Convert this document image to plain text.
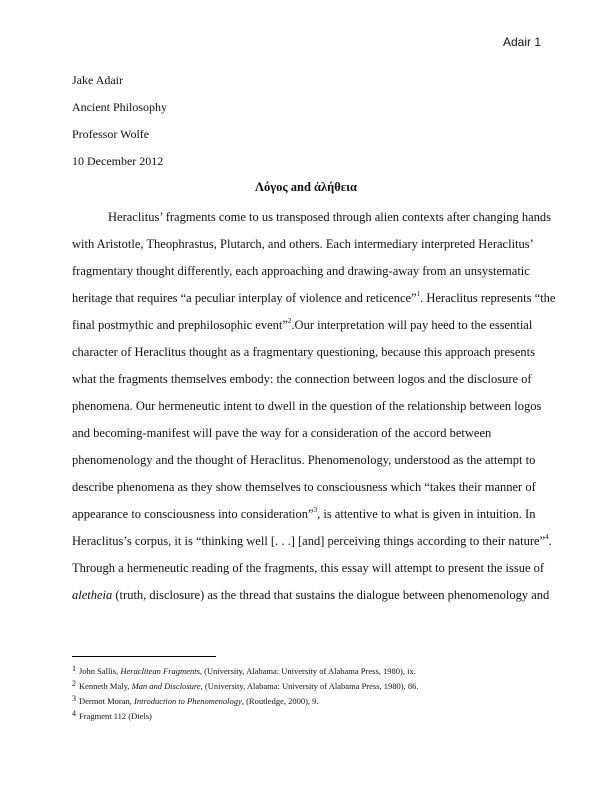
Adair 1
Jake Adair
Ancient Philosophy
Professor Wolfe
10 December 2012
Λόγος and ἀλήθεια
Heraclitus’ fragments come to us transposed through alien contexts after changing hands
with Aristotle, Theophrastus, Plutarch, and others. Each intermediary interpreted Heraclitus’
fragmentary thought differently, each approaching and drawing-away from an unsystematic
heritage that requires “a peculiar interplay of violence and reticence”$^1$. Heraclitus represents “the
final postmythic and prephilosophic event”$^2$.Our interpretation will pay heed to the essential
character of Heraclitus thought as a fragmentary questioning, because this approach presents
what the fragments themselves embody: the connection between logos and the disclosure of
phenomena. Our hermeneutic intent to dwell in the question of the relationship between logos
and becoming-manifest will pave the way for a consideration of the accord between
phenomenology and the thought of Heraclitus. Phenomenology, understood as the attempt to
describe phenomena as they show themselves to consciousness which “takes their manner of
appearance to consciousness into consideration”$^3$, is attentive to what is given in intuition. In
Heraclitus’s corpus, it is “thinking well [. . .] [and] perceiving things according to their nature”$^4$.
Through a hermeneutic reading of the fragments, this essay will attempt to present the issue of
aletheia (truth, disclosure) as the thread that sustains the dialogue between phenomenology and
1 John Sallis, Heraclitean Fragments, (University, Alabama: University of Alabama Press, 1980), ix.
2 Kenneth Maly, Man and Disclosure, (University, Alabama: University of Alabama Press, 1980), 86.
3 Dermot Moran, Introduction to Phenomenology, (Routledge, 2000), 9.
4 Fragment 112 (Diels)
